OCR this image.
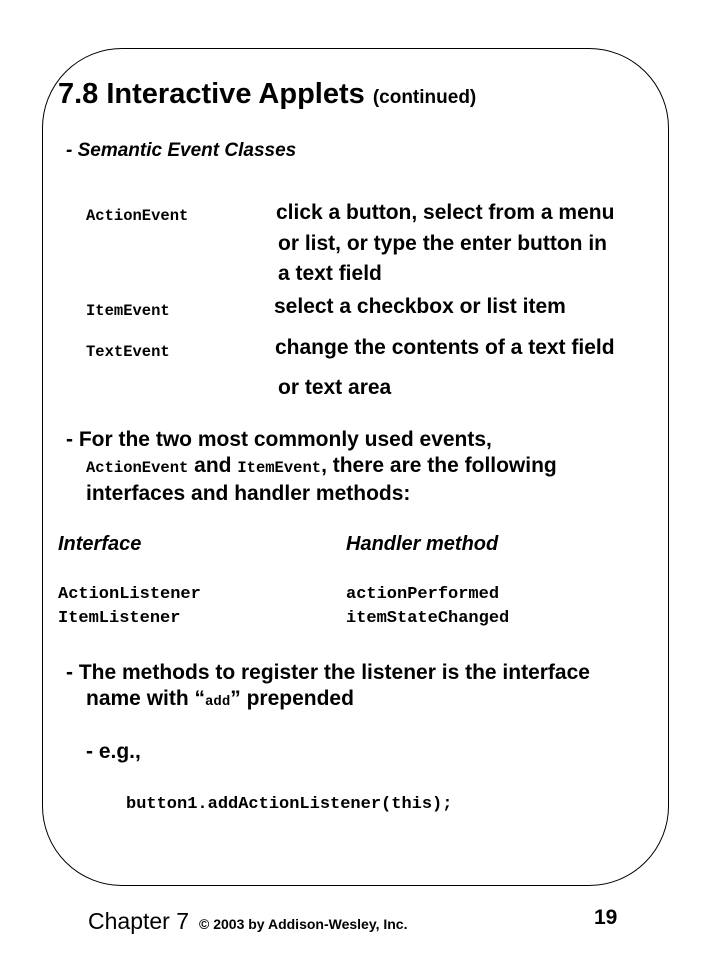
7.8 Interactive Applets (continued)
- Semantic Event Classes
ActionEvent	click a button, select from a menu
or list, or type the enter button in
a text field
ItemEvent	select a checkbox or list item
TextEvent	change the contents of a text field
or text area
- For the two most commonly used events,
ActionEvent and ItemEvent, there are the following
interfaces and handler methods:
Interface	Handler method
ActionListener	actionPerformed
ItemListener	itemStateChanged
- The methods to register the listener is the interface
name with “add” prepended
- e.g.,
button1.addActionListener(this);
Chapter 7 © 2003 by Addison-Wesley, Inc.	19
